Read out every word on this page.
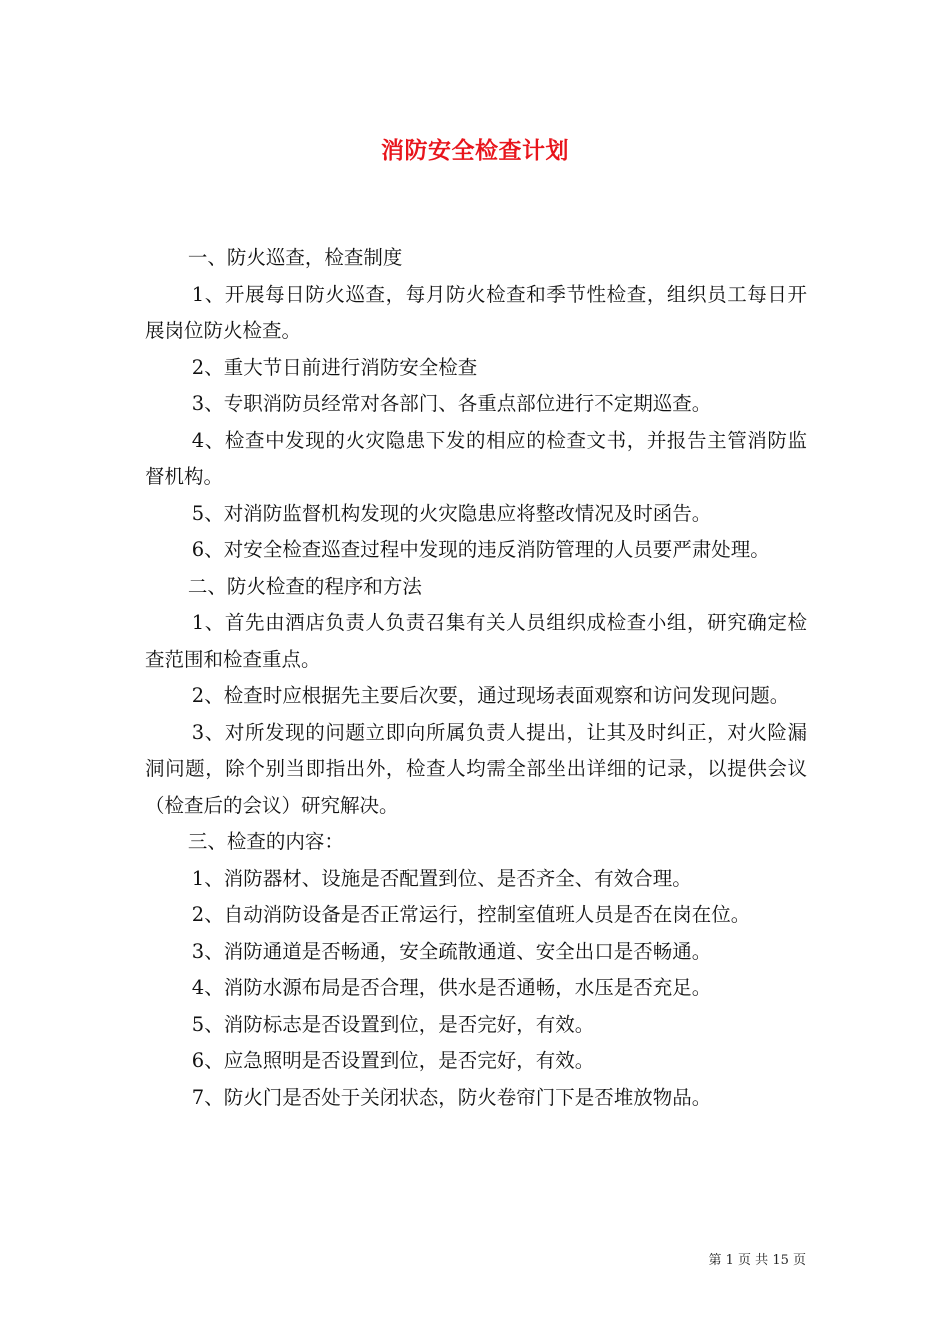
消防安全检查计划

一、防火巡查，检查制度

1、开展每日防火巡查，每月防火检查和季节性检查，组织员工每日开展岗位防火检查。

2、重大节日前进行消防安全检查

3、专职消防员经常对各部门、各重点部位进行不定期巡查。

4、检查中发现的火灾隐患下发的相应的检查文书，并报告主管消防监督机构。

5、对消防监督机构发现的火灾隐患应将整改情况及时函告。

6、对安全检查巡查过程中发现的违反消防管理的人员要严肃处理。

二、防火检查的程序和方法

1、首先由酒店负责人负责召集有关人员组织成检查小组，研究确定检查范围和检查重点。

2、检查时应根据先主要后次要，通过现场表面观察和访问发现问题。

3、对所发现的问题立即向所属负责人提出，让其及时纠正，对火险漏洞问题，除个别当即指出外，检查人均需全部坐出详细的记录，以提供会议（检查后的会议）研究解决。

三、检查的内容：

1、消防器材、设施是否配置到位、是否齐全、有效合理。

2、自动消防设备是否正常运行，控制室值班人员是否在岗在位。

3、消防通道是否畅通，安全疏散通道、安全出口是否畅通。

4、消防水源布局是否合理，供水是否通畅，水压是否充足。

5、消防标志是否设置到位，是否完好，有效。

6、应急照明是否设置到位，是否完好，有效。

7、防火门是否处于关闭状态，防火卷帘门下是否堆放物品。

第 1 页 共 15 页
